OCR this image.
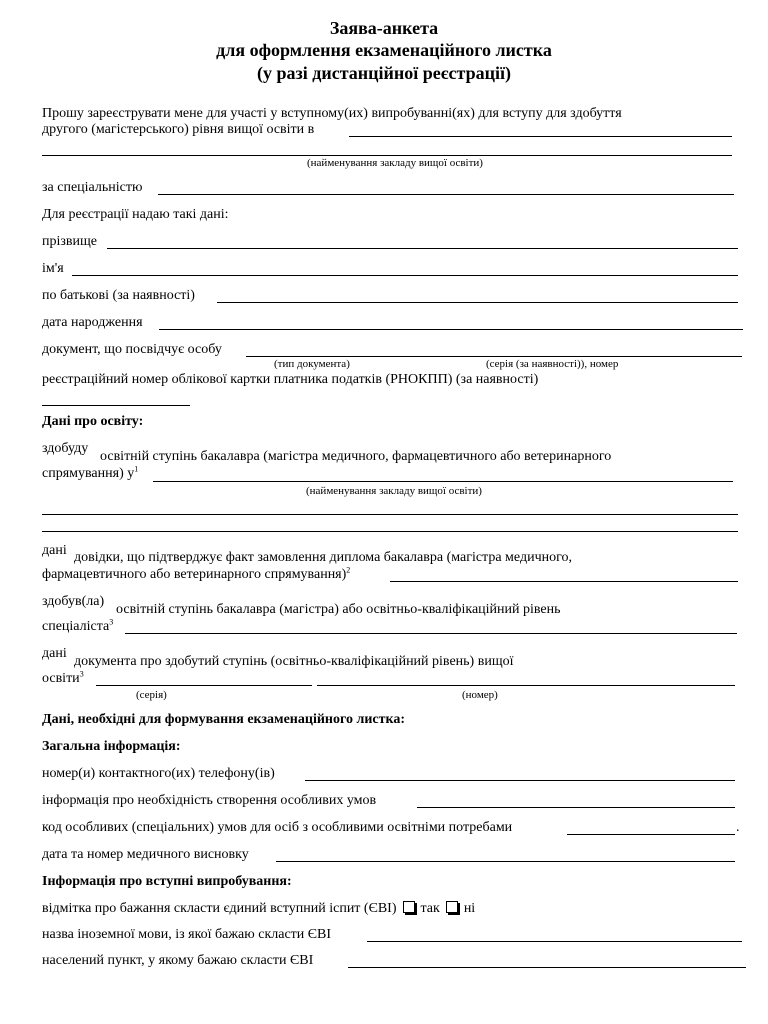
Заява-анкета
для оформлення екзаменаційного листка
(у разі дистанційної реєстрації)
Прошу зареєструвати мене для участі у вступному(их) випробуванні(ях) для вступу для здобуття
другого (магістерського) рівня вищої освіти в
(найменування закладу вищої освіти)
за спеціальністю
Для реєстрації надаю такі дані:
прізвище
ім'я
по батькові (за наявності)
дата народження
документ, що посвідчує особу
(тип документа)	(серія (за наявності)), номер
реєстраційний номер облікової картки платника податків (РНОКПП) (за наявності)
Дані про освіту:
здобуду
освітній ступінь бакалавра (магістра медичного, фармацевтичного або ветеринарного
спрямування) $у^1$
(найменування закладу вищої освіти)
дані довідки, що підтверджує факт замовлення диплома бакалавра (магістра медичного,
фармацевтичного або ветеринарного спрямування)$^2$
здобув(ла)
освітній ступінь бакалавра (магістра) або освітньо-кваліфікаційний рівень
спеціаліста$^3$
дані
документа про здобутий ступінь (освітньо-кваліфікаційний рівень) вищої
освіти$^3$
(серія)	(номер)
Дані, необхідні для формування екзаменаційного листка:
Загальна інформація:
номер(и) контактного(их) телефону(ів)
інформація про необхідність створення особливих умов
код особливих (спеціальних) умов для осіб з особливими освітніми потребами	.
дата та номер медичного висновку
Інформація про вступні випробування:
відмітка про бажання скласти єдиний вступний іспит (ЄВІ) так ні
назва іноземної мови, із якої бажаю скласти ЄВІ
населений пункт, у якому бажаю скласти ЄВІ
